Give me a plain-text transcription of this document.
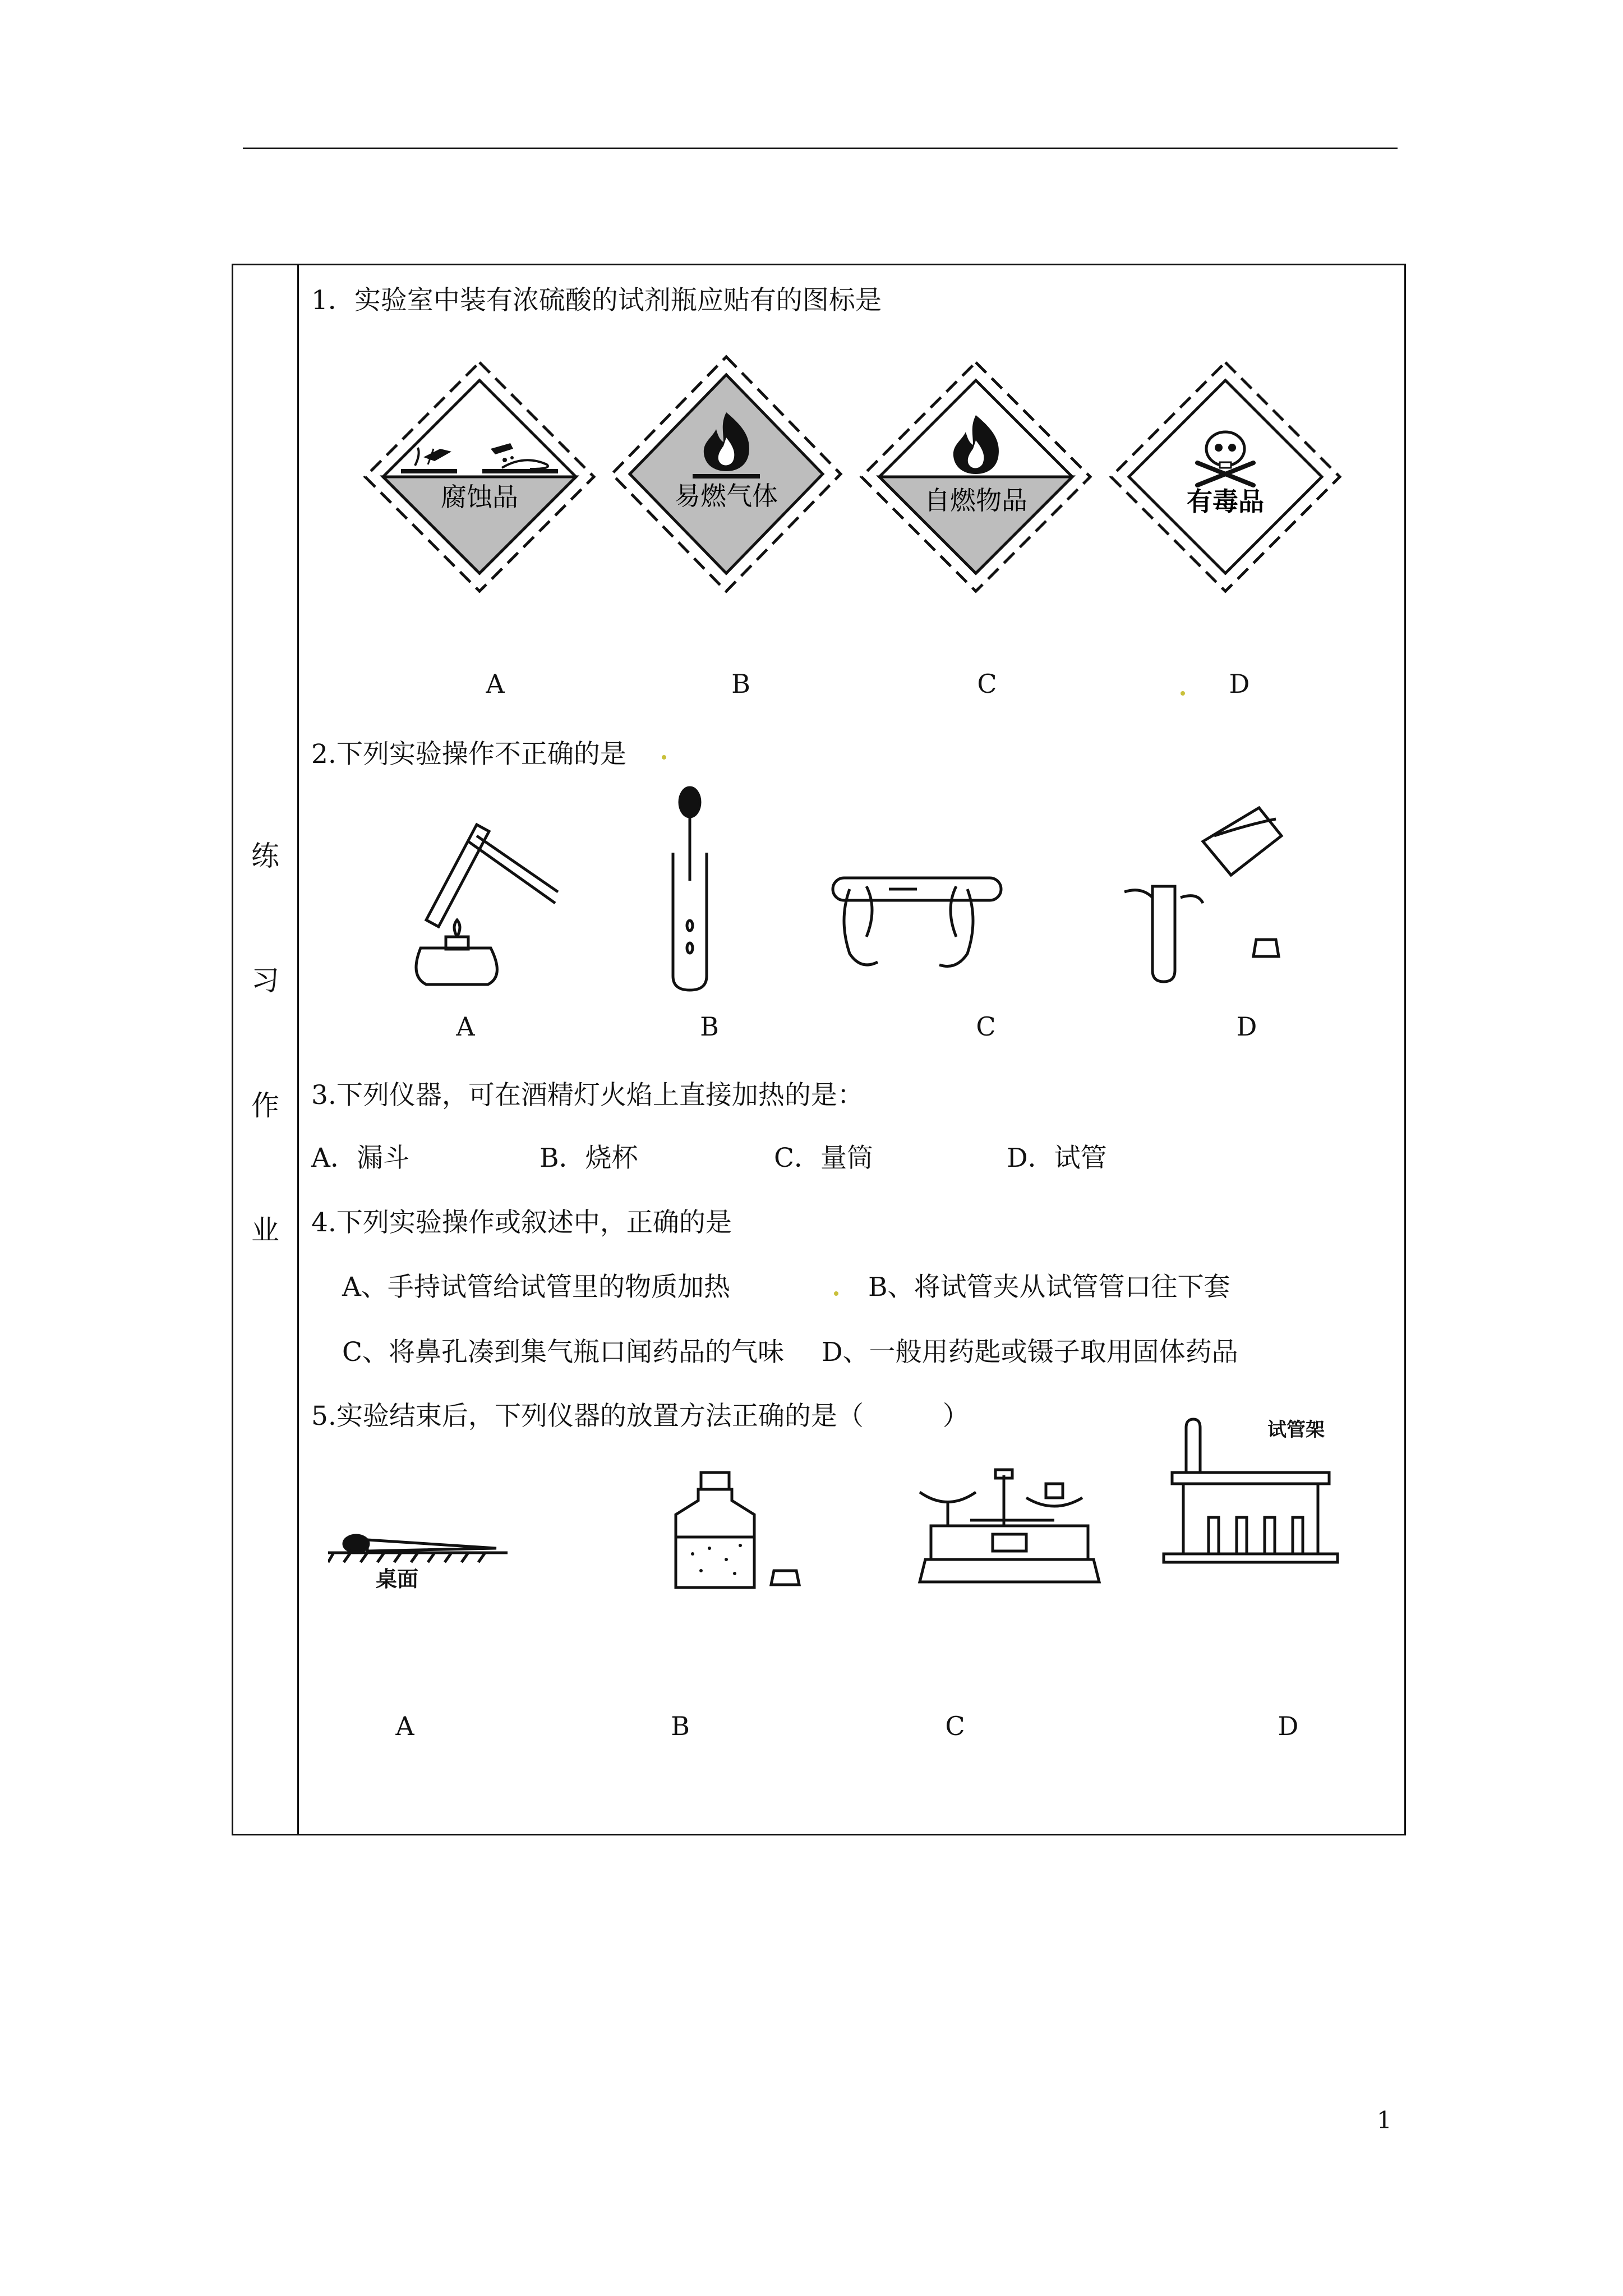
练
习
作
业
1．实验室中装有浓硫酸的试剂瓶应贴有的图标是
腐蚀品	易燃气体	自燃物品	有毒品
A	B	C	D
2.下列实验操作不正确的是
A	B	C	D
3.下列仪器，可在酒精灯火焰上直接加热的是：
A．漏斗	B．烧杯	C．量筒	D．试管
4.下列实验操作或叙述中，正确的是
A、手持试管给试管里的物质加热	B、将试管夹从试管管口往下套
C、将鼻孔凑到集气瓶口闻药品的气味 D、一般用药匙或镊子取用固体药品
5.实验结束后，下列仪器的放置方法正确的是（　　　）
桌面
试管架
A	B	C	D
1
